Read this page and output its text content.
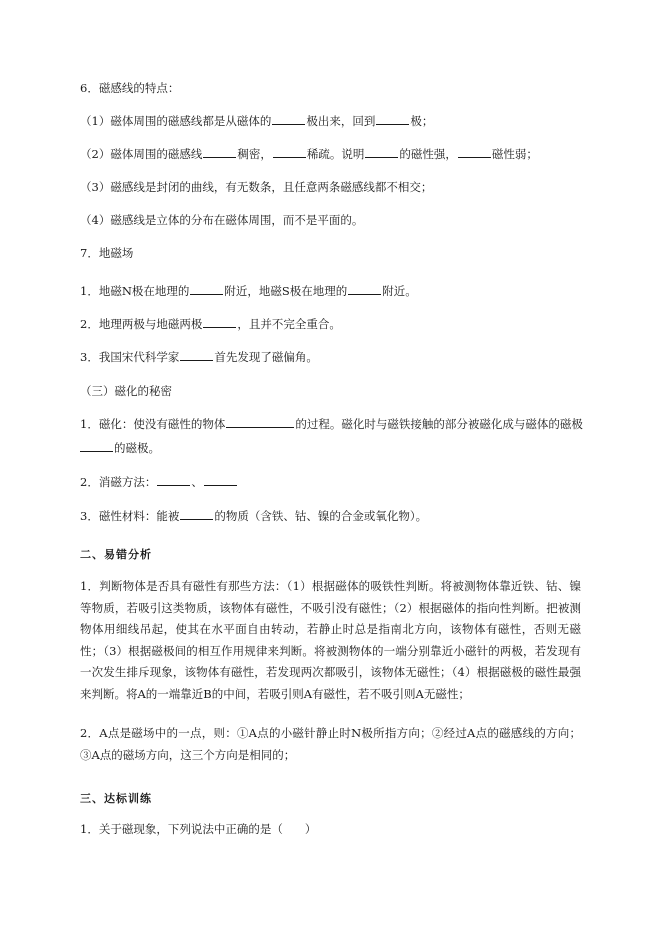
6．磁感线的特点：
（1）磁体周围的磁感线都是从磁体的	极出来，回到	极；
（2）磁体周围的磁感线	稠密，	稀疏。说明	的磁性强，	磁性弱；
（3）磁感线是封闭的曲线，有无数条，且任意两条磁感线都不相交；
（4）磁感线是立体的分布在磁体周围，而不是平面的。
7．地磁场
1．地磁N极在地理的	附近，地磁S极在地理的	附近。
2．地理两极与地磁两极	，且并不完全重合。
3．我国宋代科学家	首先发现了磁偏角。
（三）磁化的秘密
1．磁化：使没有磁性的物体	的过程。磁化时与磁铁接触的部分被磁化成与磁体的磁极
的磁极。
2．消磁方法：	、
3．磁性材料：能被	的物质（含铁、钴、镍的合金或氧化物）。
二、易错分析
1．判断物体是否具有磁性有那些方法：（1）根据磁体的吸铁性判断。将被测物体靠近铁、钴、镍等物质，若吸引这类物质，该物体有磁性，不吸引没有磁性；（2）根据磁体的指向性判断。把被测物体用细线吊起，使其在水平面自由转动，若静止时总是指南北方向，该物体有磁性，否则无磁性；（3）根据磁极间的相互作用规律来判断。将被测物体的一端分别靠近小磁针的两极，若发现有一次发生排斥现象，该物体有磁性，若发现两次都吸引，该物体无磁性；（4）根据磁极的磁性最强来判断。将A的一端靠近B的中间，若吸引则A有磁性，若不吸引则A无磁性；
2．A点是磁场中的一点，则：①A点的小磁针静止时N极所指方向；②经过A点的磁感线的方向；③A点的磁场方向，这三个方向是相同的；
三、达标训练
1．关于磁现象，下列说法中正确的是（ ）
